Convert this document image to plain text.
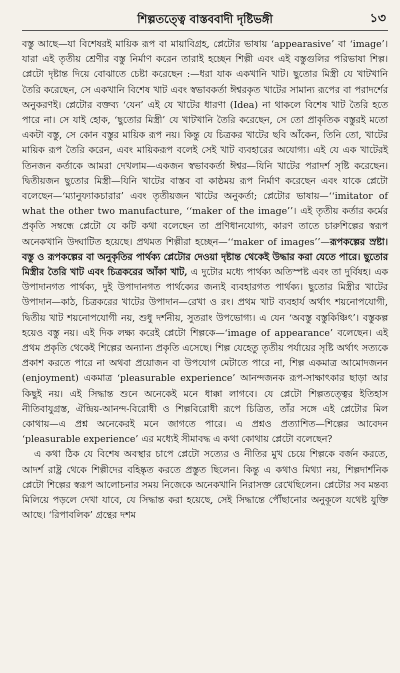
শিল্পতত্ত্বে বাস্তববাদী দৃষ্টিভঙ্গী	১৩

বস্তু আছে—যা বিশেষরই মায়িক রূপ বা মায়াবিগ্রহ, প্লেটোর ভাষায় ‘appearasive’ বা ‘image’। যারা এই তৃতীয় শ্রেণীর বস্তু নির্মাণ করেন তারাই হচ্ছেন শিল্পী এবং এই বস্তুগুলির পরিভাষা শিল্প। প্লেটো দৃষ্টান্ত দিয়ে বোঝাতে চেষ্টা করেছেন :—ধরা যাক একখানি খাট। ছুতোর মিস্ত্রী যে খাটখানি তৈরি করেছেন, সে একখানি বিশেষ খাট এবং স্বভাবকর্তা ঈশ্বরকৃত খাটের সামান্য রূপের বা পরাদর্শের অনুকরণই। প্লেটোর বক্তব্য ‘যেন’ এই যে খাটের ধারণা (Idea) না থাকলে বিশেষ খাট তৈরি হতে পারে না। সে যাই হোক, ‘ছুতোর মিস্ত্রী’ যে খাটখানি তৈরি করেছেন, সে তো প্রাকৃতিক বস্তুরই মতো একটা বস্তু, সে কোন বস্তুর মায়িক রূপ নয়। কিন্তু যে চিত্রকর খাটের ছবি আঁকেন, তিনি তো, খাটের মায়িক রূপ তৈরি করেন, এবং মায়িকরূপ বলেই সেই খাট ব্যবহারের অযোগ্য। এই যে এক খাটেরই তিনজন কর্তাকে আমরা দেখলাম—একজন স্বভাবকর্তা ঈশ্বর—যিনি খাটের পরাদর্শ সৃষ্টি করেছেন। দ্বিতীয়জন ছুতোর মিস্ত্রী—যিনি খাটের বাস্তব বা কাষ্ঠময় রূপ নির্মাণ করেছেন এবং যাকে প্লেটো বলেছেন—‘ম্যানুফ্যাকচারার’ এবং তৃতীয়জন খাটের অনুকর্তা; প্লেটোর ভাষায়—‘‘imitator of what the other two manufacture, ‘‘maker of the image’’। এই তৃতীয় কর্তার কর্মের প্রকৃতি সম্বন্ধে প্লেটো যে কটি কথা বলেছেন তা প্রণিধানযোগ্য, কারণ তাতে চারুশিল্পের স্বরূপ অনেকখানি উদ্ঘাটিত হয়েছে। প্রথমত শিল্পীরা হচ্ছেন—‘‘maker of images’’—রূপকল্পের স্রষ্টা। বস্তু ও রূপকল্পের বা অনুকৃতির পার্থক্য প্লেটোর দেওয়া দৃষ্টান্ত থেকেই উদ্ধার করা যেতে পারে। ছুতোর মিস্ত্রীর তৈরি খাট এবং চিত্রকরের আঁকা খাট, এ দুটোর মধ্যে পার্থক্য অতিস্পষ্ট এবং তা দুর্বিষহ। এক উপাদানগত পার্থক্য, দুই উপাদানগত পার্থক্যের জন্যই ব্যবহারগত পার্থক্য। ছুতোর মিস্ত্রীর খাটের উপাদান—কাঠ, চিত্রকরের খাটের উপাদান—রেখা ও রং। প্রথম খাট ব্যবহার্য অর্থাৎ শয়নোপযোগী, দ্বিতীয় খাট শয়নোপযোগী নয়, শুধু দর্শনীয়, সুতরাং উপভোগ্য। এ যেন ‘অবস্তু বস্তুকিঞ্চিৎ’। বস্তুকল্প হয়েও বস্তু নয়। এই দিক লক্ষ্য করেই প্লেটো শিল্পকে—‘image of appearance’ বলেছেন। এই প্রথম প্রকৃতি থেকেই শিল্পের অন্যান্য প্রকৃতি এসেছে। শিল্প যেহেতু তৃতীয় পর্যায়ের সৃষ্টি অর্থাৎ সত্যকে প্রকাশ করতে পারে না অথবা প্রয়োজন বা উপযোগ মেটাতে পারে না, শিল্প একমাত্র আমোদজনন (enjoyment) একমাত্র ‘pleasurable experience’ আনন্দজনক রূপ-সাক্ষাৎকার ছাড়া আর কিছুই নয়। এই সিদ্ধান্ত শুনে অনেকেই মনে ধাক্কা লাগবে। যে প্লেটো শিল্পতত্ত্বের ইতিহাস নীতিবাযুগ্রস্ত, ঐন্দ্রিয়-আনন্দ-বিরোধী ও শিল্পবিরোধী রূপে চিত্রিত, তাঁর সঙ্গে এই প্লেটোর মিল কোথায়—এ প্রশ্ন অনেকেরই মনে জাগতে পারে। এ প্রশ্নও প্রত্যাশিত—শিল্পের আবেদন ‘pleasurable experience’ এর মধ্যেই সীমাবদ্ধ এ কথা কোথায় প্লেটো বলেছেন?

এ কথা ঠিক যে বিশেষ অবস্থার চাপে প্লেটো সত্যের ও নীতির মুখ চেয়ে শিল্পকে বর্জন করতে, আদর্শ রাষ্ট্র থেকে শিল্পীদের বহিষ্কৃত করতে প্রস্তুত ছিলেন। কিন্তু এ কথাও মিথ্যা নয়, শিল্পদার্শনিক প্লেটো শিল্পের স্বরূপ আলোচনার সময় নিজেকে অনেকখানি নিরাসক্ত রেখেছিলেন। প্লেটোর সব মন্তব্য মিলিয়ে পড়লে দেখা যাবে, যে সিদ্ধান্ত করা হয়েছে, সেই সিদ্ধান্তে পৌঁছানোর অনুকূলে যথেষ্ট যুক্তি আছে। ‘রিপাবলিক’ গ্রন্থের দশম
